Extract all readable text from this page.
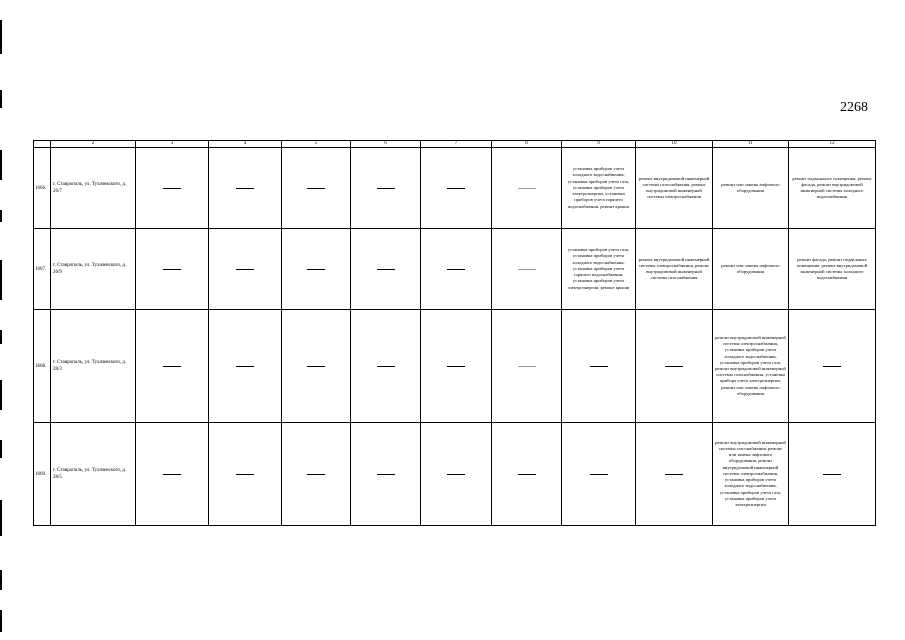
2268
	2	3	4	5	6	7	8	9	10	11	12
1666.	г. Ставрополь, ул. Тухачевского, д. 26/7							установка приборов учета холодного водоснабжения, установка приборов учета газа, установка приборов учета электроэнергии, установка приборов учета горячего водоснабжения, ремонт крыши	ремонт внутридомовой инженерной системы газоснабжения, ремонт внутридомовой инженерной системы электроснабжения	ремонт или замена лифтового оборудования	ремонт подвального помещения, ремонт фасада, ремонт внутридомовой инженерной системы холодного водоснабжения
1667.	г. Ставрополь, ул. Тухачевского, д. 26/9							установка приборов учета газа, установка приборов учета холодного водоснабжения, установка приборов учета горячего водоснабжения, установка приборов учета электроэнергии, ремонт крыши	ремонт внутридомовой инженерной системы электроснабжения, ремонт внутридомовой инженерной системы газоснабжения	ремонт или замена лифтового оборудования	ремонт фасада, ремонт подвальных помещения, ремонт внутридомовой инженерной системы холодного водоснабжения
1668.	г. Ставрополь, ул. Тухачевского, д. 28/3									ремонт внутридомовой инженерной системы электроснабжения, установка приборов учета холодного водоснабжения, установка приборов учета газа, ремонт внутридомовой инженерной системы газоснабжения, установка прибора учета электроэнергии, ремонт или замена лифтового оборудования	
1669.	г. Ставрополь, ул. Тухачевского, д. 28/5									ремонт внутридомовой инженерной системы газоснабжения, ремонт или замена лифтового оборудования, ремонт внутридомовой инженерной системы электроснабжения, установка приборов учета холодного водоснабжения, установка приборов учета газа, установка приборов учета электроэнергии	
